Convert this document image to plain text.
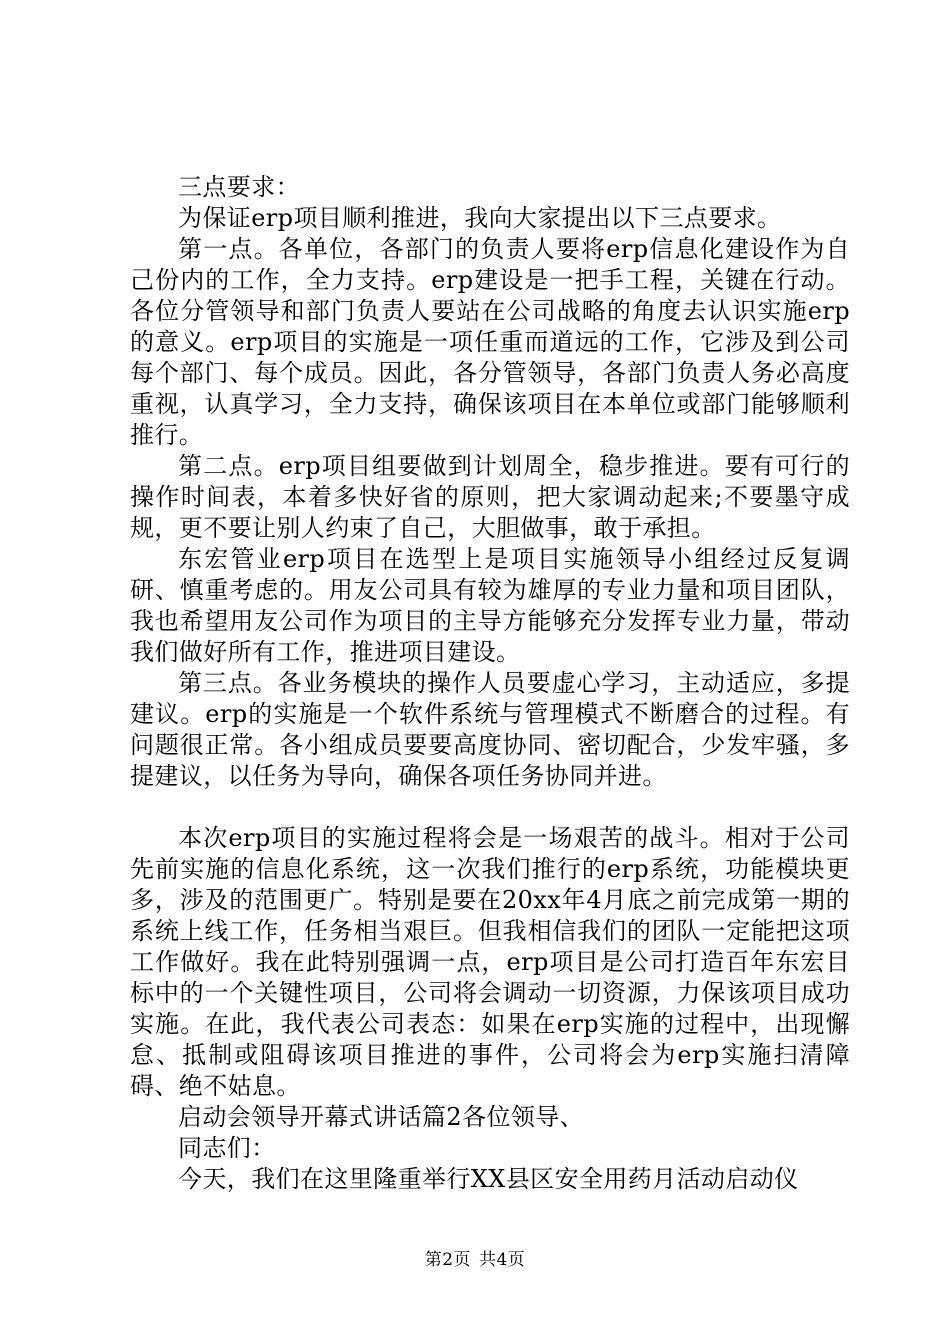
三点要求：

为保证erp项目顺利推进，我向大家提出以下三点要求。

第一点。各单位，各部门的负责人要将erp信息化建设作为自己份内的工作，全力支持。erp建设是一把手工程，关键在行动。各位分管领导和部门负责人要站在公司战略的角度去认识实施erp的意义。erp项目的实施是一项任重而道远的工作，它涉及到公司每个部门、每个成员。因此，各分管领导，各部门负责人务必高度重视，认真学习，全力支持，确保该项目在本单位或部门能够顺利推行。

第二点。erp项目组要做到计划周全，稳步推进。要有可行的操作时间表，本着多快好省的原则，把大家调动起来;不要墨守成规，更不要让别人约束了自己，大胆做事，敢于承担。

东宏管业erp项目在选型上是项目实施领导小组经过反复调研、慎重考虑的。用友公司具有较为雄厚的专业力量和项目团队，我也希望用友公司作为项目的主导方能够充分发挥专业力量，带动我们做好所有工作，推进项目建设。

第三点。各业务模块的操作人员要虚心学习，主动适应，多提建议。erp的实施是一个软件系统与管理模式不断磨合的过程。有问题很正常。各小组成员要要高度协同、密切配合，少发牢骚，多提建议，以任务为导向，确保各项任务协同并进。

本次erp项目的实施过程将会是一场艰苦的战斗。相对于公司先前实施的信息化系统，这一次我们推行的erp系统，功能模块更多，涉及的范围更广。特别是要在20xx年4月底之前完成第一期的系统上线工作，任务相当艰巨。但我相信我们的团队一定能把这项工作做好。我在此特别强调一点，erp项目是公司打造百年东宏目标中的一个关键性项目，公司将会调动一切资源，力保该项目成功实施。在此，我代表公司表态：如果在erp实施的过程中，出现懈怠、抵制或阻碍该项目推进的事件，公司将会为erp实施扫清障碍、绝不姑息。

启动会领导开幕式讲话篇2各位领导、

同志们：

今天，我们在这里隆重举行XX县区安全用药月活动启动仪

第2页 共4页
